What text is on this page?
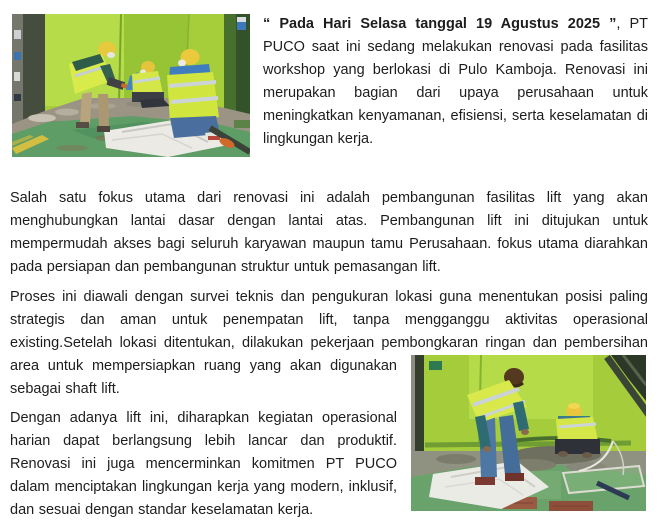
“ Pada Hari Selasa tanggal 19 Agustus 2025 ”, PT PUCO saat ini sedang melakukan renovasi pada fasilitas workshop yang berlokasi di Pulo Kamboja. Renovasi ini merupakan bagian dari upaya perusahaan untuk meningkatkan kenyamanan, efisiensi, serta keselamatan di lingkungan kerja.

Salah satu fokus utama dari renovasi ini adalah pembangunan fasilitas lift yang akan menghubungkan lantai dasar dengan lantai atas. Pembangunan lift ini ditujukan untuk mempermudah akses bagi seluruh karyawan maupun tamu Perusahaan. fokus utama diarahkan pada persiapan dan pembangunan struktur untuk pemasangan lift.

Proses ini diawali dengan survei teknis dan pengukuran lokasi guna menentukan posisi paling strategis dan aman untuk penempatan lift, tanpa mengganggu aktivitas operasional existing.Setelah lokasi ditentukan, dilakukan pekerjaan pembongkaran ringan dan pembersihan area untuk mempersiapkan ruang yang akan digunakan sebagai shaft lift.

Dengan adanya lift ini, diharapkan kegiatan operasional harian dapat berlangsung lebih lancar dan produktif. Renovasi ini juga mencerminkan komitmen PT PUCO dalam menciptakan lingkungan kerja yang modern, inklusif, dan sesuai dengan standar keselamatan kerja.
